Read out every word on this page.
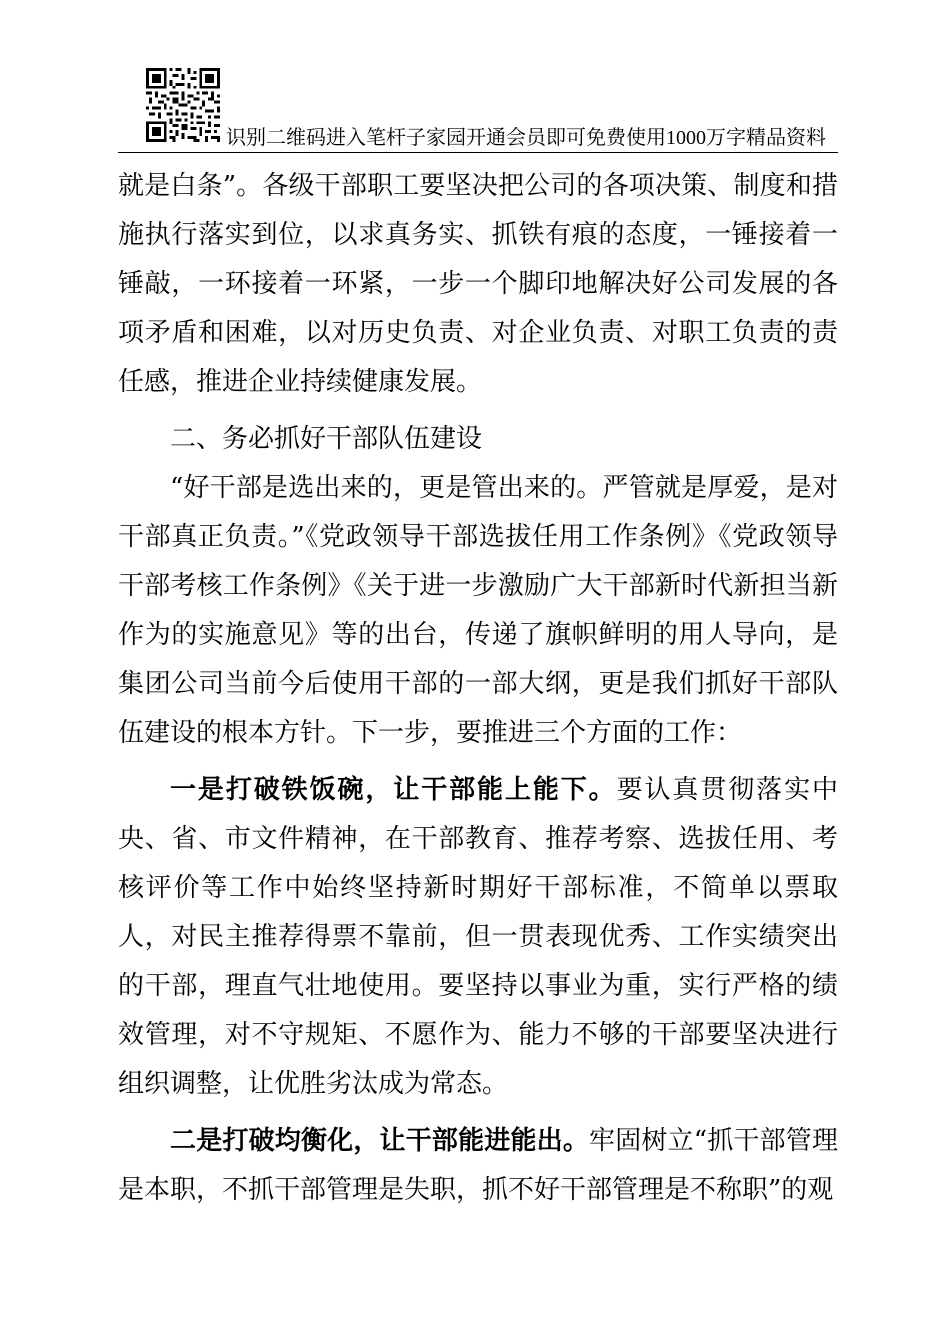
识别二维码进入笔杆子家园开通会员即可免费使用1000万字精品资料

就是白条”。各级干部职工要坚决把公司的各项决策、制度和措施执行落实到位，以求真务实、抓铁有痕的态度，一锤接着一锤敲，一环接着一环紧，一步一个脚印地解决好公司发展的各项矛盾和困难，以对历史负责、对企业负责、对职工负责的责任感，推进企业持续健康发展。

二、务必抓好干部队伍建设

“好干部是选出来的，更是管出来的。严管就是厚爱，是对干部真正负责。”《党政领导干部选拔任用工作条例》《党政领导干部考核工作条例》《关于进一步激励广大干部新时代新担当新作为的实施意见》等的出台，传递了旗帜鲜明的用人导向，是集团公司当前今后使用干部的一部大纲，更是我们抓好干部队伍建设的根本方针。下一步，要推进三个方面的工作：

一是打破铁饭碗，让干部能上能下。要认真贯彻落实中央、省、市文件精神，在干部教育、推荐考察、选拔任用、考核评价等工作中始终坚持新时期好干部标准，不简单以票取人，对民主推荐得票不靠前，但一贯表现优秀、工作实绩突出的干部，理直气壮地使用。要坚持以事业为重，实行严格的绩效管理，对不守规矩、不愿作为、能力不够的干部要坚决进行组织调整，让优胜劣汰成为常态。

二是打破均衡化，让干部能进能出。牢固树立“抓干部管理是本职，不抓干部管理是失职，抓不好干部管理是不称职”的观
